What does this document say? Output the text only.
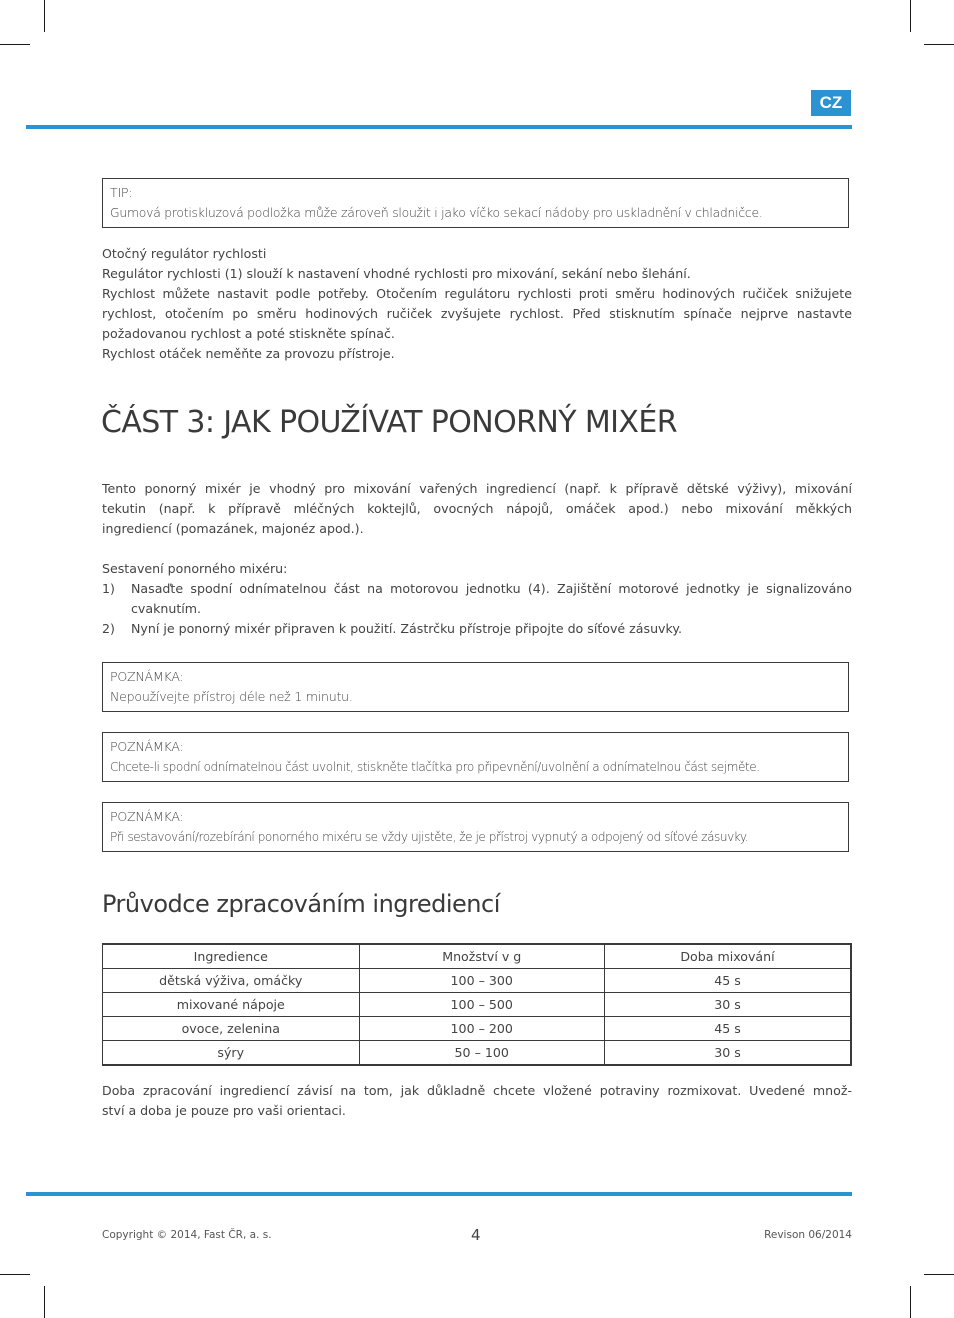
CZ
TIP:
Gumová protiskluzová podložka může zároveň sloužit i jako víčko sekací nádoby pro uskladnění v chladničce.
Otočný regulátor rychlosti
Regulátor rychlosti (1) slouží k nastavení vhodné rychlosti pro mixování, sekání nebo šlehání.
Rychlost můžete nastavit podle potřeby. Otočením regulátoru rychlosti proti směru hodinových ručiček snižujete
rychlost, otočením po směru hodinových ručiček zvyšujete rychlost. Před stisknutím spínače nejprve nastavte
požadovanou rychlost a poté stiskněte spínač.
Rychlost otáček neměňte za provozu přístroje.
ČÁST 3: JAK POUŽÍVAT PONORNÝ MIXÉR
Tento ponorný mixér je vhodný pro mixování vařených ingrediencí (např. k přípravě dětské výživy), mixování
tekutin (např. k přípravě mléčných koktejlů, ovocných nápojů, omáček apod.) nebo mixování měkkých
ingrediencí (pomazánek, majonéz apod.).
Sestavení ponorného mixéru:
1) Nasaďte spodní odnímatelnou část na motorovou jednotku (4). Zajištění motorové jednotky je signalizováno
cvaknutím.
2) Nyní je ponorný mixér připraven k použití. Zástrčku přístroje připojte do síťové zásuvky.
POZNÁMKA:
Nepoužívejte přístroj déle než 1 minutu.
POZNÁMKA:
Chcete-li spodní odnímatelnou část uvolnit, stiskněte tlačítka pro připevnění/uvolnění a odnímatelnou část sejměte.
POZNÁMKA:
Při sestavování/rozebírání ponorného mixéru se vždy ujistěte, že je přístroj vypnutý a odpojený od síťové zásuvky.
Průvodce zpracováním ingrediencí
Ingredience	Množství v g	Doba mixování
dětská výživa, omáčky	100 – 300	45 s
mixované nápoje	100 – 500	30 s
ovoce, zelenina	100 – 200	45 s
sýry	50 – 100	30 s
Doba zpracování ingrediencí závisí na tom, jak důkladně chcete vložené potraviny rozmixovat. Uvedené množ-
ství a doba je pouze pro vaši orientaci.
Copyright © 2014, Fast ČR, a. s.	4	Revison 06/2014
